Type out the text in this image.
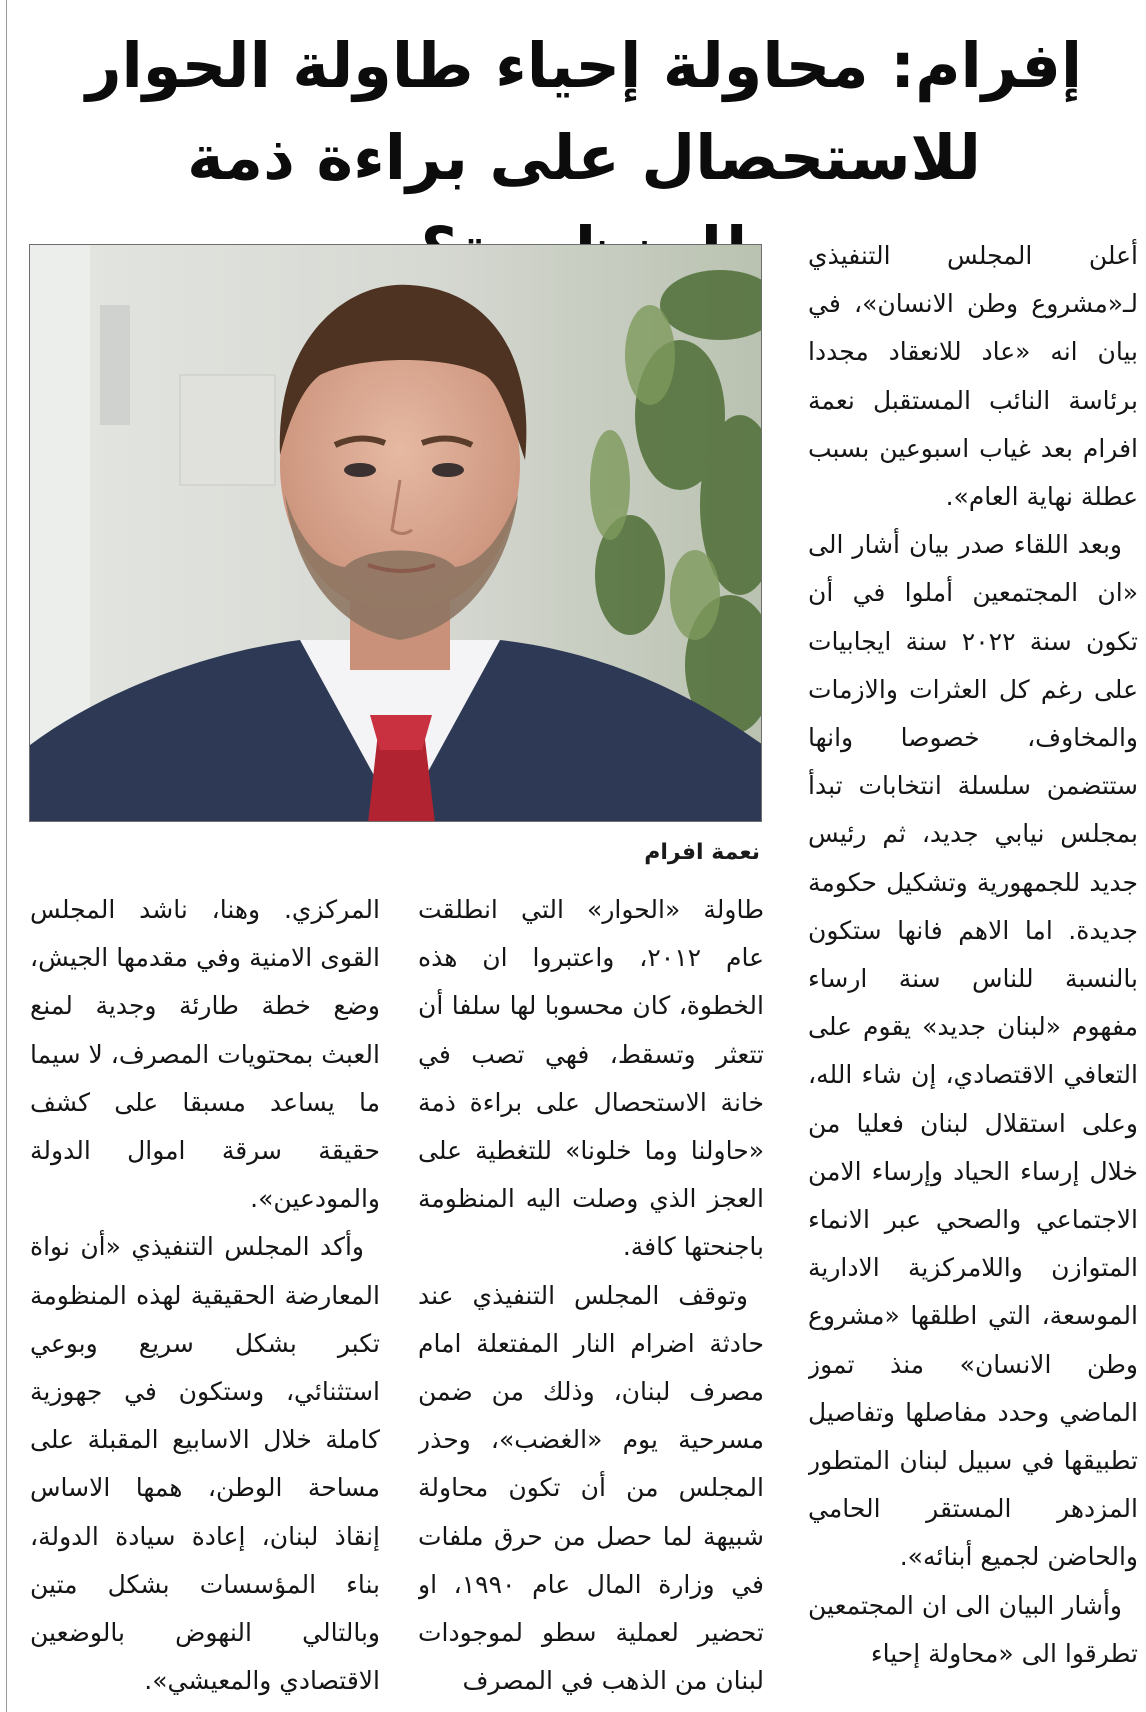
إفرام: محاولة إحياء طاولة الحوار
للاستحصال على براءة ذمة
نعمة افرام

أعلن المجلس التنفيذي لـ«مشروع وطن الانسان»، في بيان انه «عاد للانعقاد مجددا برئاسة النائب المستقبل نعمة افرام بعد غياب اسبوعين بسبب عطلة نهاية العام».

وبعد اللقاء صدر بيان أشار الى «ان المجتمعين أملوا في أن تكون سنة ٢٠٢٢ سنة ايجابيات على رغم كل العثرات والازمات والمخاوف، خصوصا وانها ستتضمن سلسلة انتخابات تبدأ بمجلس نيابي جديد، ثم رئيس جديد للجمهورية وتشكيل حكومة جديدة. اما الاهم فانها ستكون بالنسبة للناس سنة ارساء مفهوم «لبنان جديد» يقوم على التعافي الاقتصادي، إن شاء الله، وعلى استقلال لبنان فعليا من خلال إرساء الحياد وإرساء الامن الاجتماعي والصحي عبر الانماء المتوازن واللامركزية الادارية الموسعة، التي اطلقها «مشروع وطن الانسان» منذ تموز الماضي وحدد مفاصلها وتفاصيل تطبيقها في سبيل لبنان المتطور المزدهر المستقر الحامي والحاضن لجميع أبنائه».

وأشار البيان الى ان المجتمعين تطرقوا الى «محاولة إحياء

طاولة «الحوار» التي انطلقت عام ٢٠١٢، واعتبروا ان هذه الخطوة، كان محسوبا لها سلفا أن تتعثر وتسقط، فهي تصب في خانة الاستحصال على براءة ذمة «حاولنا وما خلونا» للتغطية على العجز الذي وصلت اليه المنظومة باجنحتها كافة.

وتوقف المجلس التنفيذي عند حادثة اضرام النار المفتعلة امام مصرف لبنان، وذلك من ضمن مسرحية يوم «الغضب»، وحذر المجلس من أن تكون محاولة شبيهة لما حصل من حرق ملفات في وزارة المال عام ١٩٩٠، او تحضير لعملية سطو لموجودات لبنان من الذهب في المصرف

المركزي. وهنا، ناشد المجلس القوى الامنية وفي مقدمها الجيش، وضع خطة طارئة وجدية لمنع العبث بمحتويات المصرف، لا سيما ما يساعد مسبقا على كشف حقيقة سرقة اموال الدولة والمودعين».

وأكد المجلس التنفيذي «أن نواة المعارضة الحقيقية لهذه المنظومة تكبر بشكل سريع وبوعي استثنائي، وستكون في جهوزية كاملة خلال الاسابيع المقبلة على مساحة الوطن، همها الاساس إنقاذ لبنان، إعادة سيادة الدولة، بناء المؤسسات بشكل متين وبالتالي النهوض بالوضعين الاقتصادي والمعيشي».
